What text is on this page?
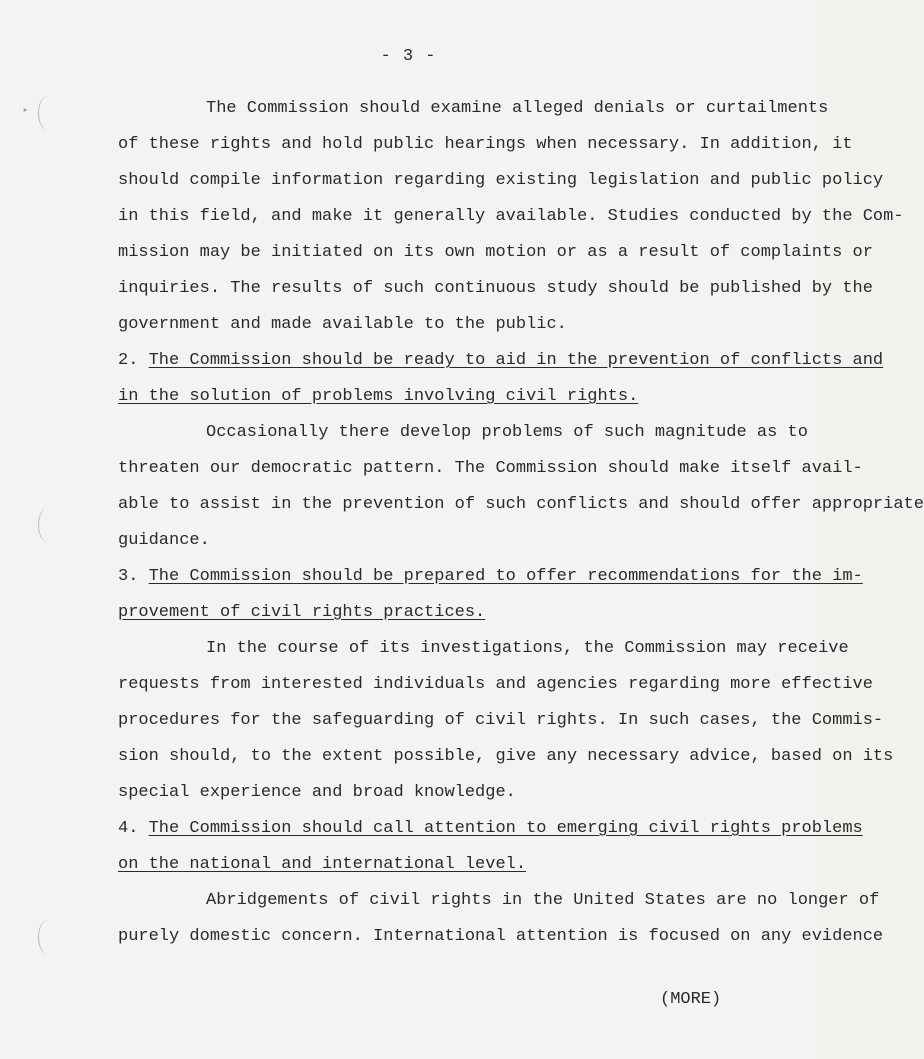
‣
- 3 -
The Commission should examine alleged denials or curtailments
of these rights and hold public hearings when necessary. In addition, it
should compile information regarding existing legislation and public policy
in this field, and make it generally available. Studies conducted by the Com-
mission may be initiated on its own motion or as a result of complaints or
inquiries. The results of such continuous study should be published by the
government and made available to the public.
2. The Commission should be ready to aid in the prevention of conflicts and
in the solution of problems involving civil rights.
Occasionally there develop problems of such magnitude as to
threaten our democratic pattern. The Commission should make itself avail-
able to assist in the prevention of such conflicts and should offer appropriate
guidance.
3. The Commission should be prepared to offer recommendations for the im-
provement of civil rights practices.
In the course of its investigations, the Commission may receive
requests from interested individuals and agencies regarding more effective
procedures for the safeguarding of civil rights. In such cases, the Commis-
sion should, to the extent possible, give any necessary advice, based on its
special experience and broad knowledge.
4. The Commission should call attention to emerging civil rights problems
on the national and international level.
Abridgements of civil rights in the United States are no longer of
purely domestic concern. International attention is focused on any evidence
(MORE)
